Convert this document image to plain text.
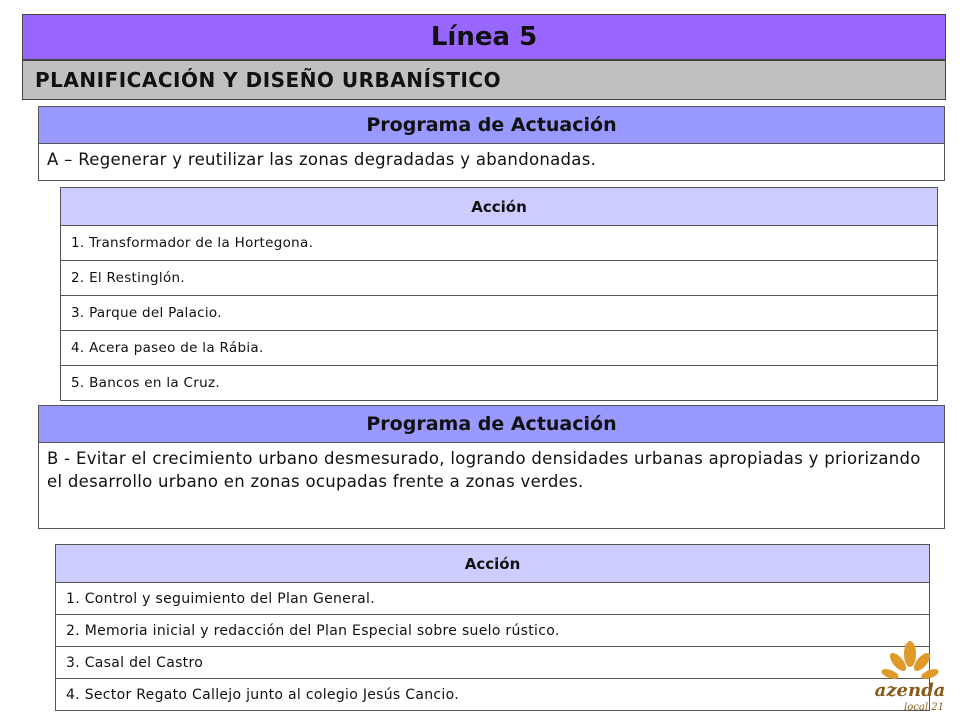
Línea 5
PLANIFICACIÓN Y DISEÑO URBANÍSTICO
Programa de Actuación
A – Regenerar y reutilizar las zonas degradadas y abandonadas.
Acción
1. Transformador de la Hortegona.
2. El Restinglón.
3. Parque del Palacio.
4. Acera paseo de la Rábia.
5. Bancos en la Cruz.
Programa de Actuación
B - Evitar el crecimiento urbano desmesurado, logrando densidades urbanas apropiadas y priorizando el desarrollo urbano en zonas ocupadas frente a zonas verdes.
Acción
1. Control y seguimiento del Plan General.
2. Memoria inicial y redacción del Plan Especial sobre suelo rústico.
3. Casal del Castro
4. Sector Regato Callejo junto al colegio Jesús Cancio.	azenda
local 21
